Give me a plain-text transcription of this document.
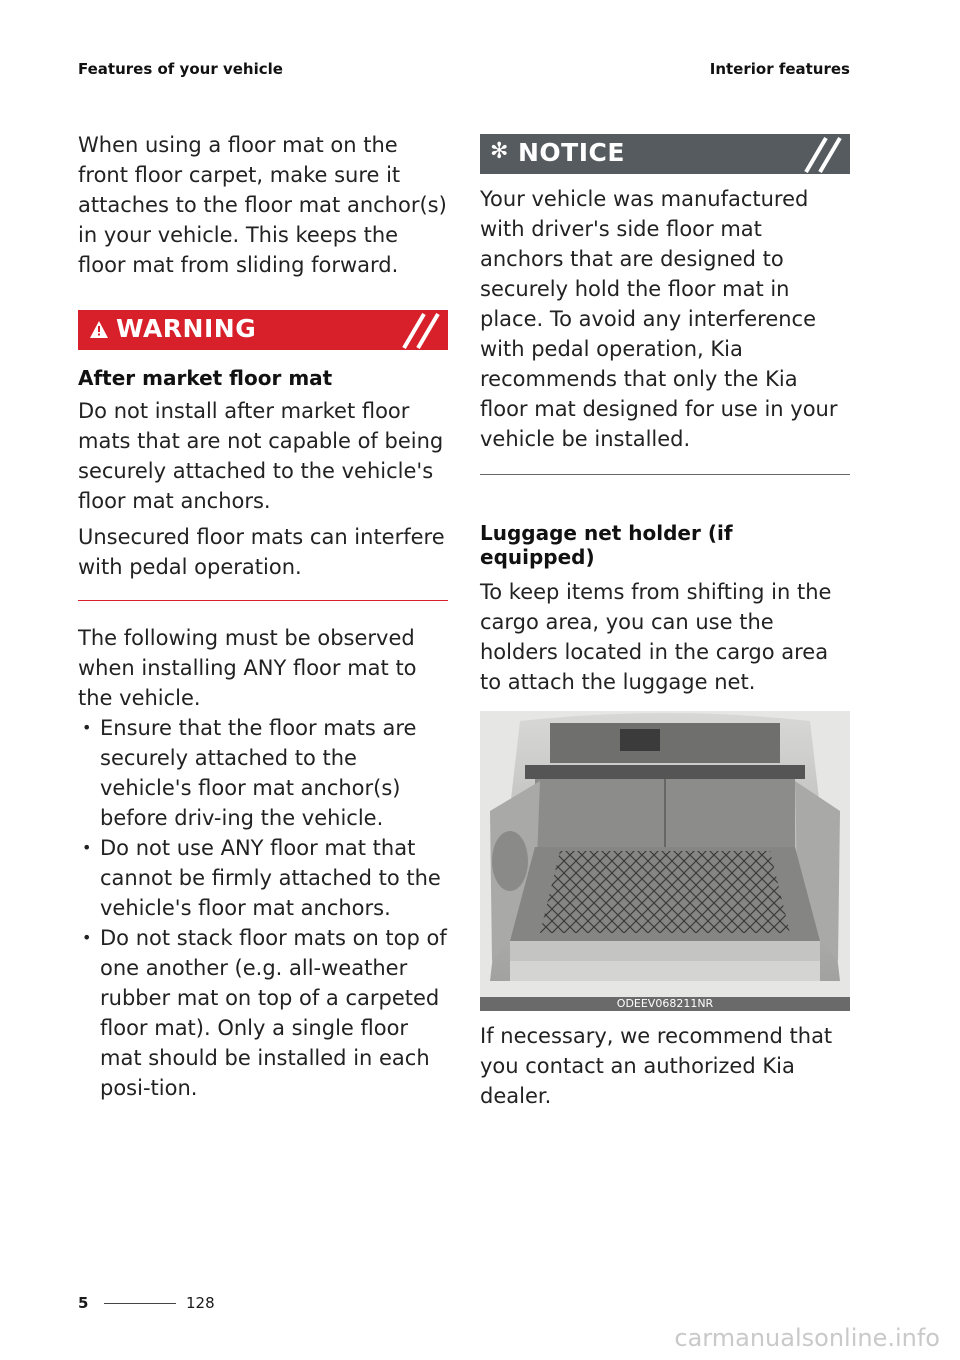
Features of your vehicle	Interior features

When using a floor mat on the front floor carpet, make sure it attaches to the floor mat anchor(s) in your vehicle. This keeps the floor mat from sliding forward.

WARNING
After market floor mat

Do not install after market floor mats that are not capable of being securely attached to the vehicle's floor mat anchors.

Unsecured floor mats can interfere with pedal operation.

The following must be observed when installing ANY floor mat to the vehicle.

• Ensure that the floor mats are securely attached to the vehicle's floor mat anchor(s) before driv-ing the vehicle.
• Do not use ANY floor mat that cannot be firmly attached to the vehicle's floor mat anchors.
• Do not stack floor mats on top of one another (e.g. all-weather rubber mat on top of a carpeted floor mat). Only a single floor mat should be installed in each posi-tion.
✻ NOTICE

Your vehicle was manufactured with driver's side floor mat anchors that are designed to securely hold the floor mat in place. To avoid any interference with pedal operation, Kia recommends that only the Kia floor mat designed for use in your vehicle be installed.

Luggage net holder (if equipped)

To keep items from shifting in the cargo area, you can use the holders located in the cargo area to attach the luggage net.

ODEEV068211NR

If necessary, we recommend that you contact an authorized Kia dealer.

5	128
carmanualsonline.info
